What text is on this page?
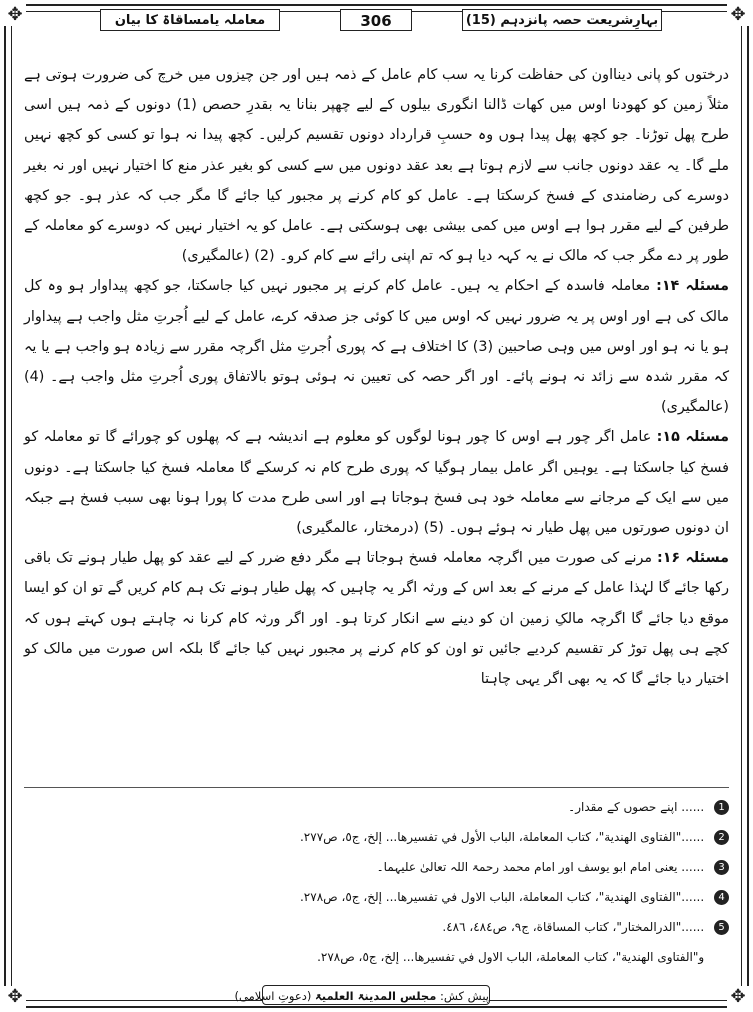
✥	✥
✥	✥
بہارِشریعت حصہ پانزدہم (15)
306
معاملہ یامساقاۃ کا بیان

درختوں کو پانی دینااون کی حفاظت کرنا یہ سب کام عامل کے ذمہ ہیں اور جن چیزوں میں خرچ کی ضرورت ہوتی ہے مثلاً زمین کو کھودنا اوس میں کھات ڈالنا انگوری بیلوں کے لیے چھپر بنانا یہ بقدرِ حصص (1) دونوں کے ذمہ ہیں اسی طرح پھل توڑنا۔ جو کچھ پھل پیدا ہوں وہ حسبِ قرارداد دونوں تقسیم کرلیں۔ کچھ پیدا نہ ہوا تو کسی کو کچھ نہیں ملے گا۔ یہ عقد دونوں جانب سے لازم ہوتا ہے بعد عقد دونوں میں سے کسی کو بغیر عذر منع کا اختیار نہیں اور نہ بغیر دوسرے کی رضامندی کے فسخ کرسکتا ہے۔ عامل کو کام کرنے پر مجبور کیا جائے گا مگر جب کہ عذر ہو۔ جو کچھ طرفین کے لیے مقرر ہوا ہے اوس میں کمی بیشی بھی ہوسکتی ہے۔ عامل کو یہ اختیار نہیں کہ دوسرے کو معاملہ کے طور پر دے مگر جب کہ مالک نے یہ کہہ دیا ہو کہ تم اپنی رائے سے کام کرو۔ (2) (عالمگیری)

مسئلہ ۱۴: معاملہ فاسدہ کے احکام یہ ہیں۔ عامل کام کرنے پر مجبور نہیں کیا جاسکتا، جو کچھ پیداوار ہو وہ کل مالک کی ہے اور اوس پر یہ ضرور نہیں کہ اوس میں کا کوئی جز صدقہ کرے، عامل کے لیے اُجرتِ مثل واجب ہے پیداوار ہو یا نہ ہو اور اوس میں وہی صاحبین (3) کا اختلاف ہے کہ پوری اُجرتِ مثل اگرچہ مقرر سے زیادہ ہو واجب ہے یا یہ کہ مقرر شدہ سے زائد نہ ہونے پائے۔ اور اگر حصہ کی تعیین نہ ہوئی ہوتو بالاتفاق پوری اُجرتِ مثل واجب ہے۔ (4) (عالمگیری)

مسئلہ ۱۵: عامل اگر چور ہے اوس کا چور ہونا لوگوں کو معلوم ہے اندیشہ ہے کہ پھلوں کو چورائے گا تو معاملہ کو فسخ کیا جاسکتا ہے۔ یوہیں اگر عامل بیمار ہوگیا کہ پوری طرح کام نہ کرسکے گا معاملہ فسخ کیا جاسکتا ہے۔ دونوں میں سے ایک کے مرجانے سے معاملہ خود ہی فسخ ہوجاتا ہے اور اسی طرح مدت کا پورا ہونا بھی سبب فسخ ہے جبکہ ان دونوں صورتوں میں پھل طیار نہ ہوئے ہوں۔ (5) (درمختار، عالمگیری)

مسئلہ ۱۶: مرنے کی صورت میں اگرچہ معاملہ فسخ ہوجاتا ہے مگر دفع ضرر کے لیے عقد کو پھل طیار ہونے تک باقی رکھا جائے گا لہٰذا عامل کے مرنے کے بعد اس کے ورثہ اگر یہ چاہیں کہ پھل طیار ہونے تک ہم کام کریں گے تو ان کو ایسا موقع دیا جائے گا اگرچہ مالکِ زمین ان کو دینے سے انکار کرتا ہو۔ اور اگر ورثہ کام کرنا نہ چاہتے ہوں کہتے ہوں کہ کچے ہی پھل توڑ کر تقسیم کردیے جائیں تو اون کو کام کرنے پر مجبور نہیں کیا جائے گا بلکہ اس صورت میں مالک کو اختیار دیا جائے گا کہ یہ بھی اگر یہی چاہتا

1 ...... اپنے حصوں کے مقدار۔
2 ......"الفتاوی الهندية"، كتاب المعاملة، الباب الأول في تفسيرها... إلخ، ج٥، ص٢٧٧.
3 ...... یعنی امام ابو یوسف اور امام محمد رحمۃ اللہ تعالیٰ علیہما۔
4 ......"الفتاوی الهندية"، كتاب المعاملة، الباب الاول في تفسيرها... إلخ، ج٥، ص٢٧٨.
5 ......"الدرالمختار"، كتاب المساقاة، ج٩، ص٤٨٤، ٤٨٦.
و"الفتاوی الهندية"، كتاب المعاملة، الباب الاول في تفسيرها... إلخ، ج٥، ص٢٧٨.
پیش کش: مجلس المدینۃ العلمیۃ (دعوتِ اسلامی)
